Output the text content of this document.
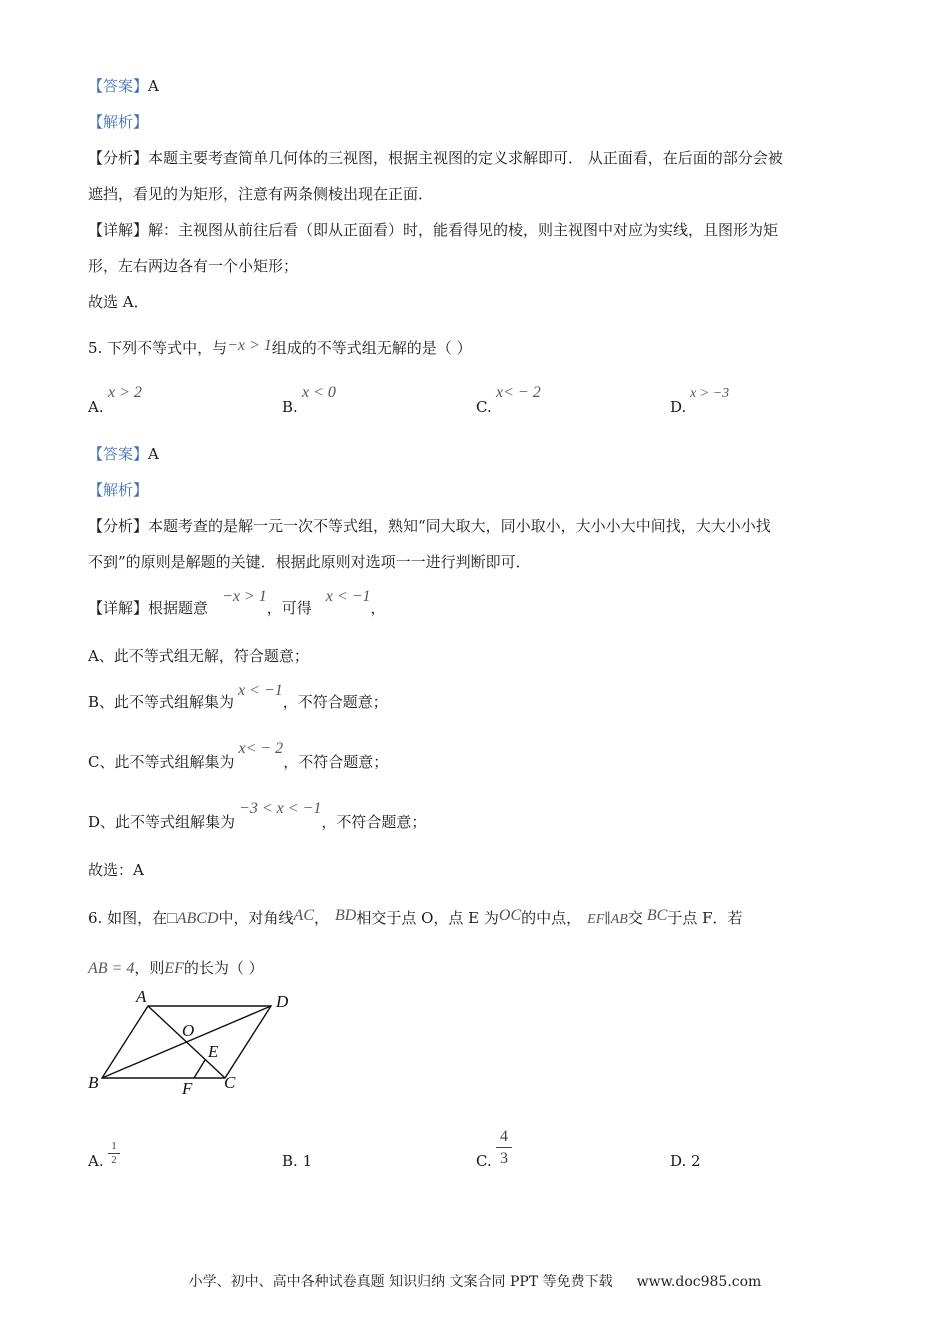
【答案】A
【解析】
【分析】本题主要考查简单几何体的三视图，根据主视图的定义求解即可． 从正面看，在后面的部分会被
遮挡，看见的为矩形，注意有两条侧棱出现在正面．
【详解】解：主视图从前往后看（即从正面看）时，能看得见的棱，则主视图中对应为实线，且图形为矩
形，左右两边各有一个小矩形；
故选 A．
5. 下列不等式中，与−x > 1组成的不等式组无解的是（ ）
A.
x > 2
B.
x < 0
C.
x< − 2
D.
x > −3
【答案】A
【解析】
【分析】本题考查的是解一元一次不等式组，熟知“同大取大，同小取小，大小小大中间找，大大小小找
不到”的原则是解题的关键．根据此原则对选项一一进行判断即可．
【详解】根据题意−x > 1，可得x < −1，
A、此不等式组无解，符合题意；
B、此不等式组解集为x < −1，不符合题意；
C、此不等式组解集为x< − 2，不符合题意；
D、此不等式组解集为−3 < x < −1，不符合题意；
故选：A
6. 如图，在□ABCD中，对角线AC， BD相交于点 O，点 E 为OC的中点， EF∥AB交 BC于点 F．若
AB = 4，则EF的长为（ ）
A	D
B	C
O
E
F
A.
1
2	B. 1	C.
4
3	D. 2
小学、初中、高中各种试卷真题 知识归纳 文案合同 PPT 等免费下载 www.doc985.com
